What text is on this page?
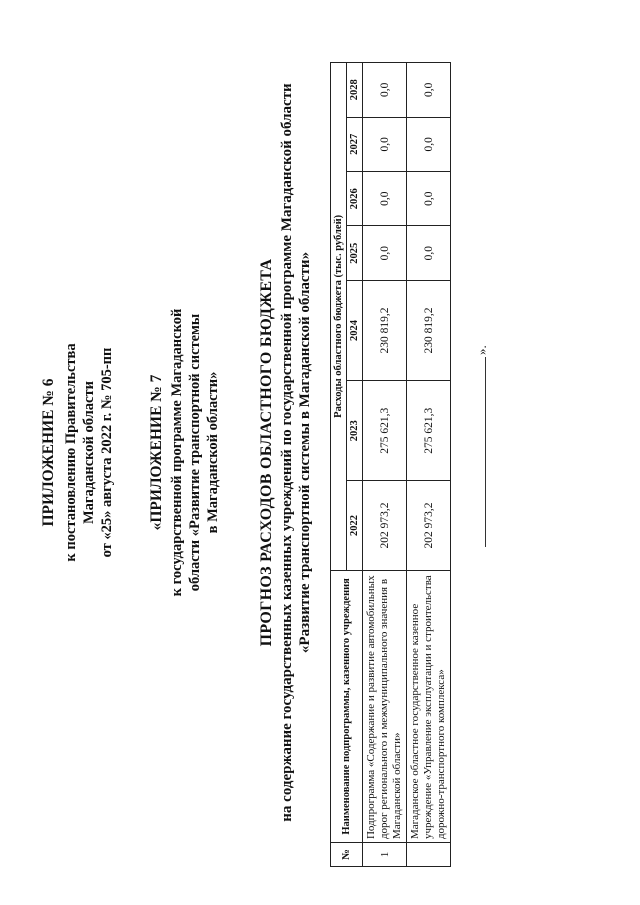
ПРИЛОЖЕНИЕ № 6 к постановлению Правительства Магаданской области от «25» августа 2022 г. № 705-пп «ПРИЛОЖЕНИЕ № 7 к государственной программе Магаданской области «Развитие транспортной системы в Магаданской области» ПРОГНОЗ РАСХОДОВ ОБЛАСТНОГО БЮДЖЕТА на содержание государственных казенных учреждений по государственной программе Магаданской области «Развитие транспортной системы в Магаданской области»
№	Наименование подпрограммы, казенного учреждения	Расходы областного бюджета (тыс. рублей)						
		2022	2023	2024	2025	2026	2027	2028
1	Подпрограмма «Содержание и развитие автомобильных дорог регионального и межмуниципального значения в Магаданской области»	202 973,2	275 621,3	230 819,2	0,0	0,0	0,0	0,0
	Магаданское областное государственное казенное учреждение «Управление эксплуатации и строительства дорожно-транспортного комплекса»	202 973,2	275 621,3	230 819,2	0,0	0,0	0,0	0,0
».
